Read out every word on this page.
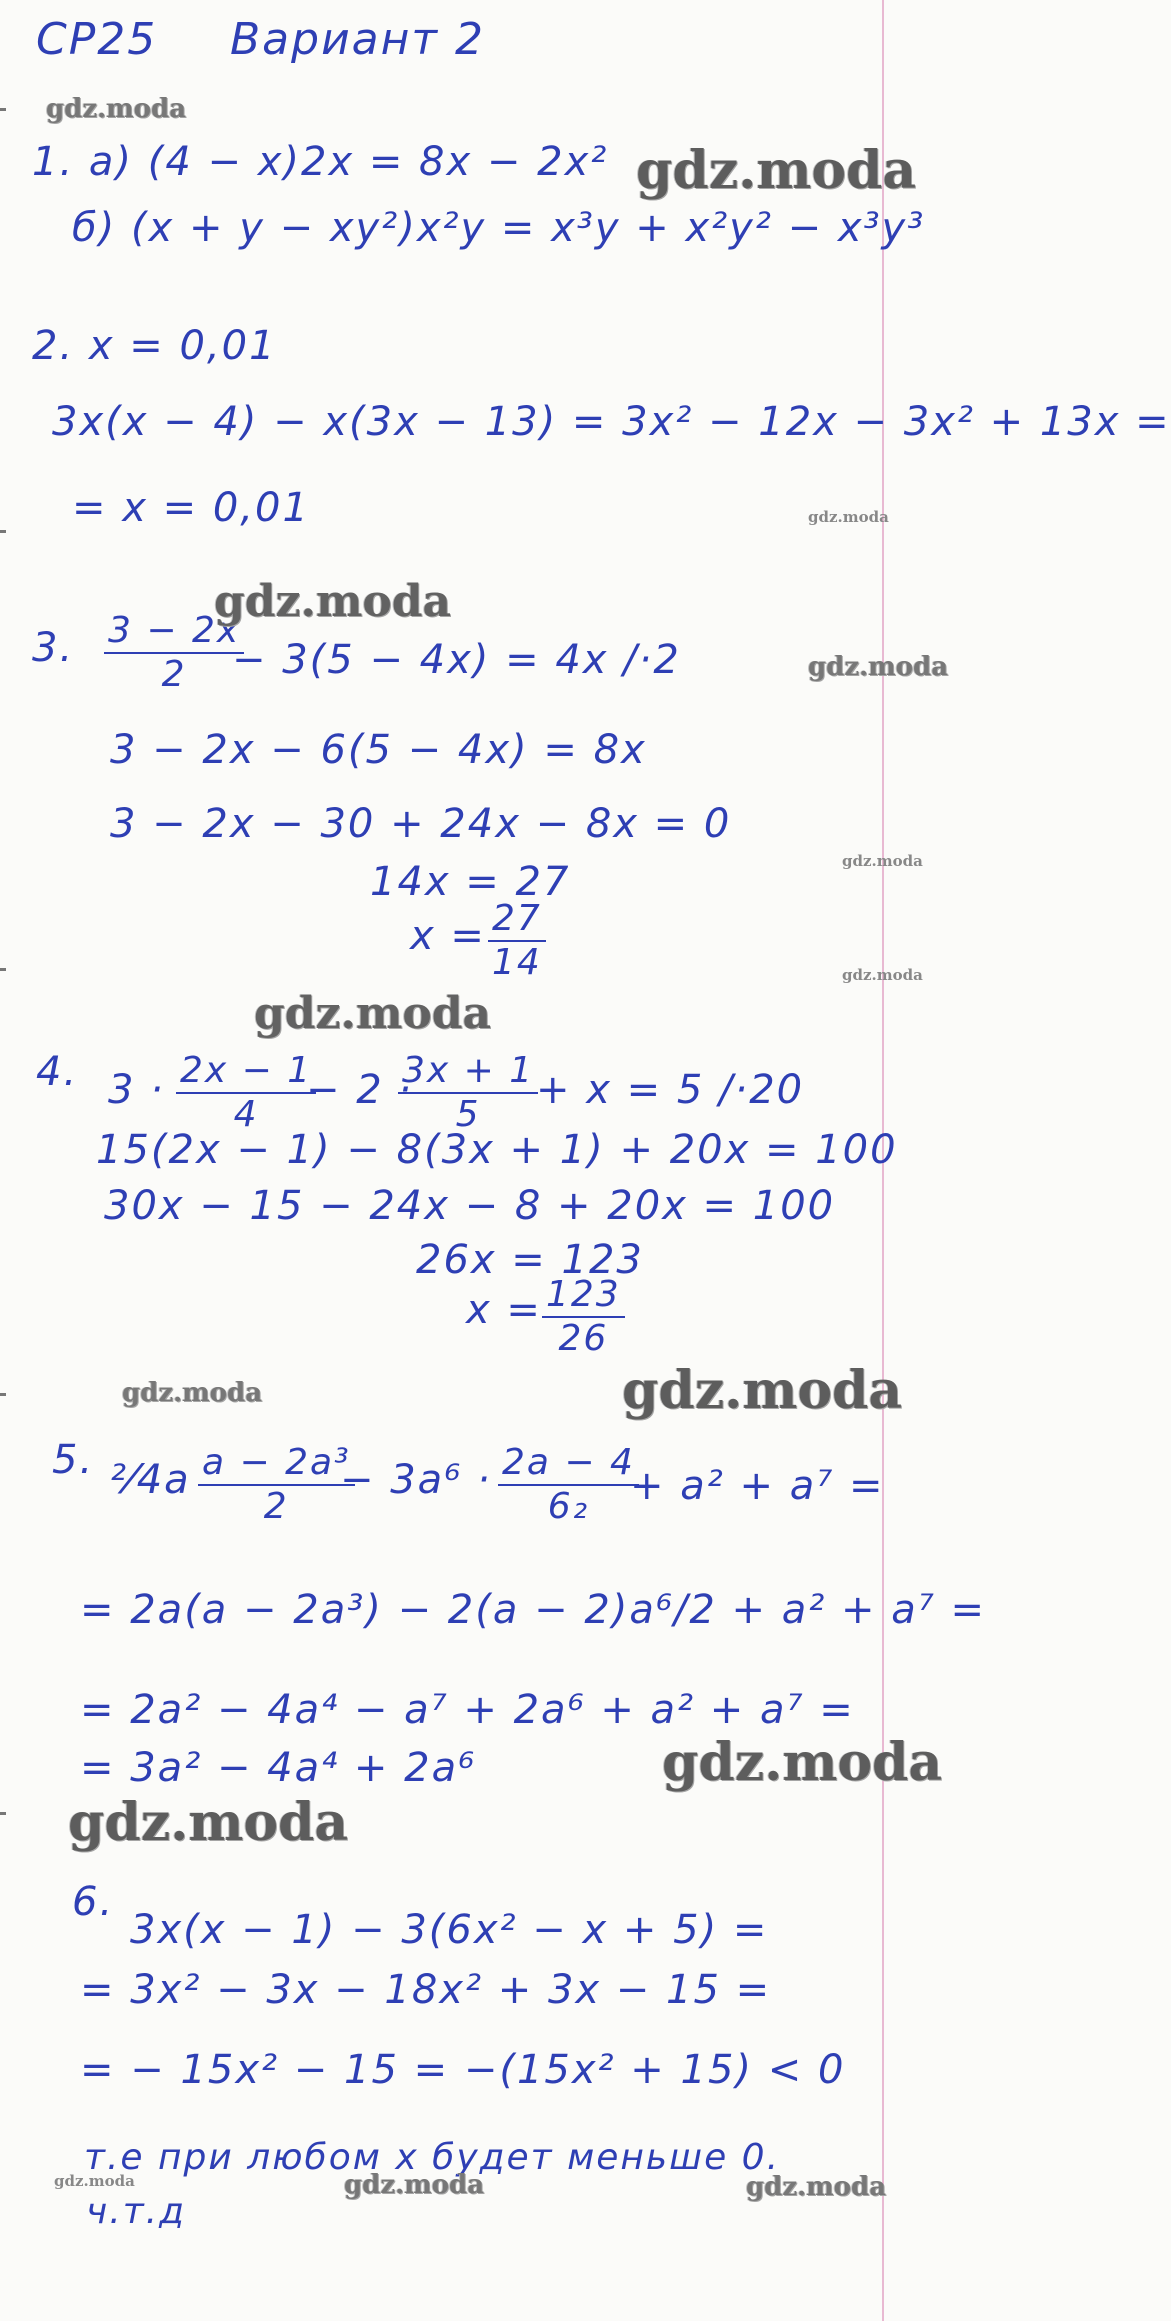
СР25 Вариант 2
1. а) (4 − x)2x = 8x − 2x²
б) (x + y − xy²)x²y = x³y + x²y² − x³y³
2. x = 0,01
3x(x − 4) − x(3x − 13) = 3x² − 12x − 3x² + 13x =
= x = 0,01
3. $\frac{3 - 2x}{2}$
− 3(5 − 4x) = 4x /·2
3 − 2x − 6(5 − 4x) = 8x
3 − 2x − 30 + 24x − 8x = 0
14x = 27
$x = \frac{27}{14}$
4. $3 \cdot \frac{2x - 1}{4}$
− 2 ·
$\frac{3x + 1}{5}$
+ x = 5 /·20
15(2x − 1) − 8(3x + 1) + 20x = 100
30x − 15 − 24x − 8 + 20x = 100
26x = 123
$x = \frac{123}{26}$
5. ²⁄4a $\frac{\text{a − 2a³}}{2}$
− $3a^6 \cdot \frac{2a - 4}{\text{6₂}}$
+ a² + a⁷ =
= 2a(a − 2a³) − 2(a − 2)a⁶/2 + a² + a⁷ =
= 2a² − 4a⁴ − a⁷ + 2a⁶ + a² + a⁷ =
= 3a² − 4a⁴ + 2a⁶
6.
3x(x − 1) − 3(6x² − x + 5) =
= 3x² − 3x − 18x² + 3x − 15 =
= − 15x² − 15 = −(15x² + 15) < 0
т.е при любом x будет меньше 0.
ч.т.д
gdz.moda
gdz.moda
gdz.moda
gdz.moda
gdz.moda
gdz.moda
gdz.moda
gdz.moda
gdz.moda	gdz.moda
gdz.moda
gdz.moda
gdz.moda	gdz.moda	gdz.moda
